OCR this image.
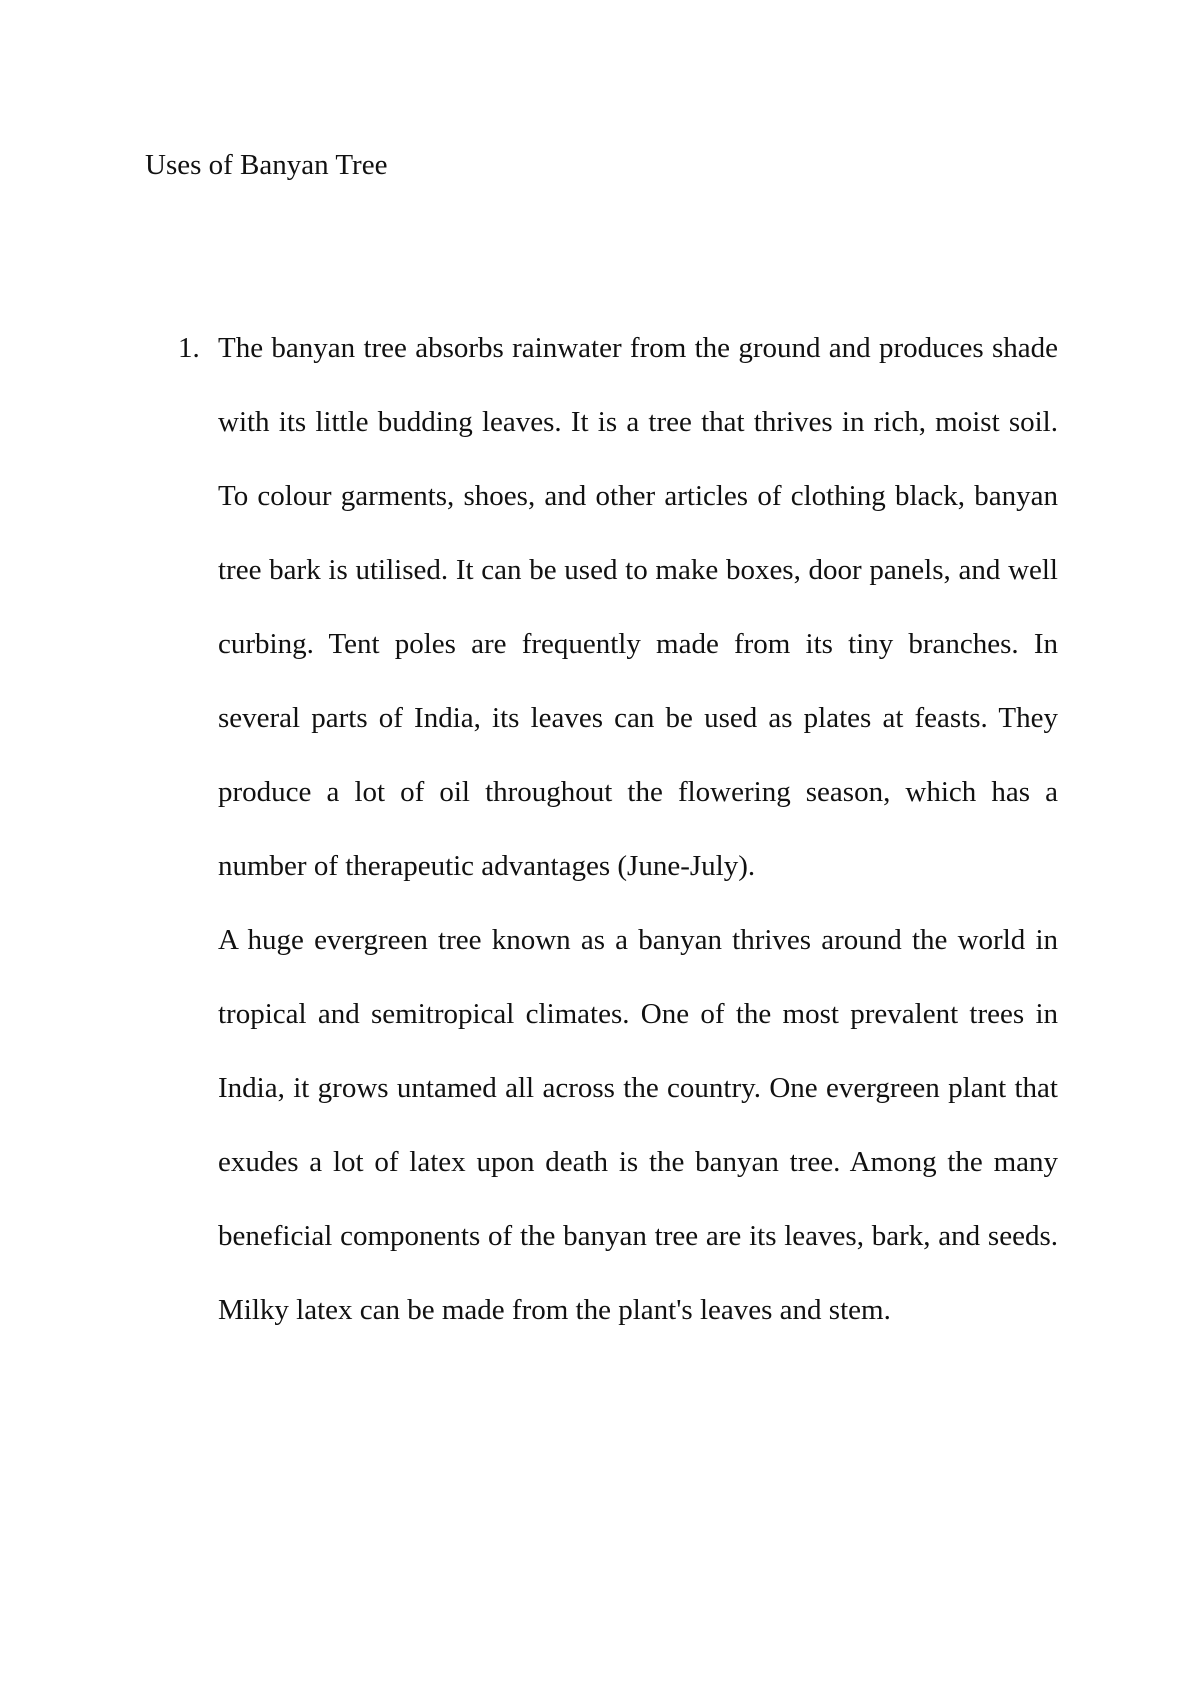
Uses of Banyan Tree
1. The banyan tree absorbs rainwater from the ground and produces shade with its little budding leaves. It is a tree that thrives in rich, moist soil. To colour garments, shoes, and other articles of clothing black, banyan tree bark is utilised. It can be used to make boxes, door panels, and well curbing. Tent poles are frequently made from its tiny branches. In several parts of India, its leaves can be used as plates at feasts. They produce a lot of oil throughout the flowering season, which has a number of therapeutic advantages (June-July).

A huge evergreen tree known as a banyan thrives around the world in tropical and semitropical climates. One of the most prevalent trees in India, it grows untamed all across the country. One evergreen plant that exudes a lot of latex upon death is the banyan tree. Among the many beneficial components of the banyan tree are its leaves, bark, and seeds. Milky latex can be made from the plant's leaves and stem.
